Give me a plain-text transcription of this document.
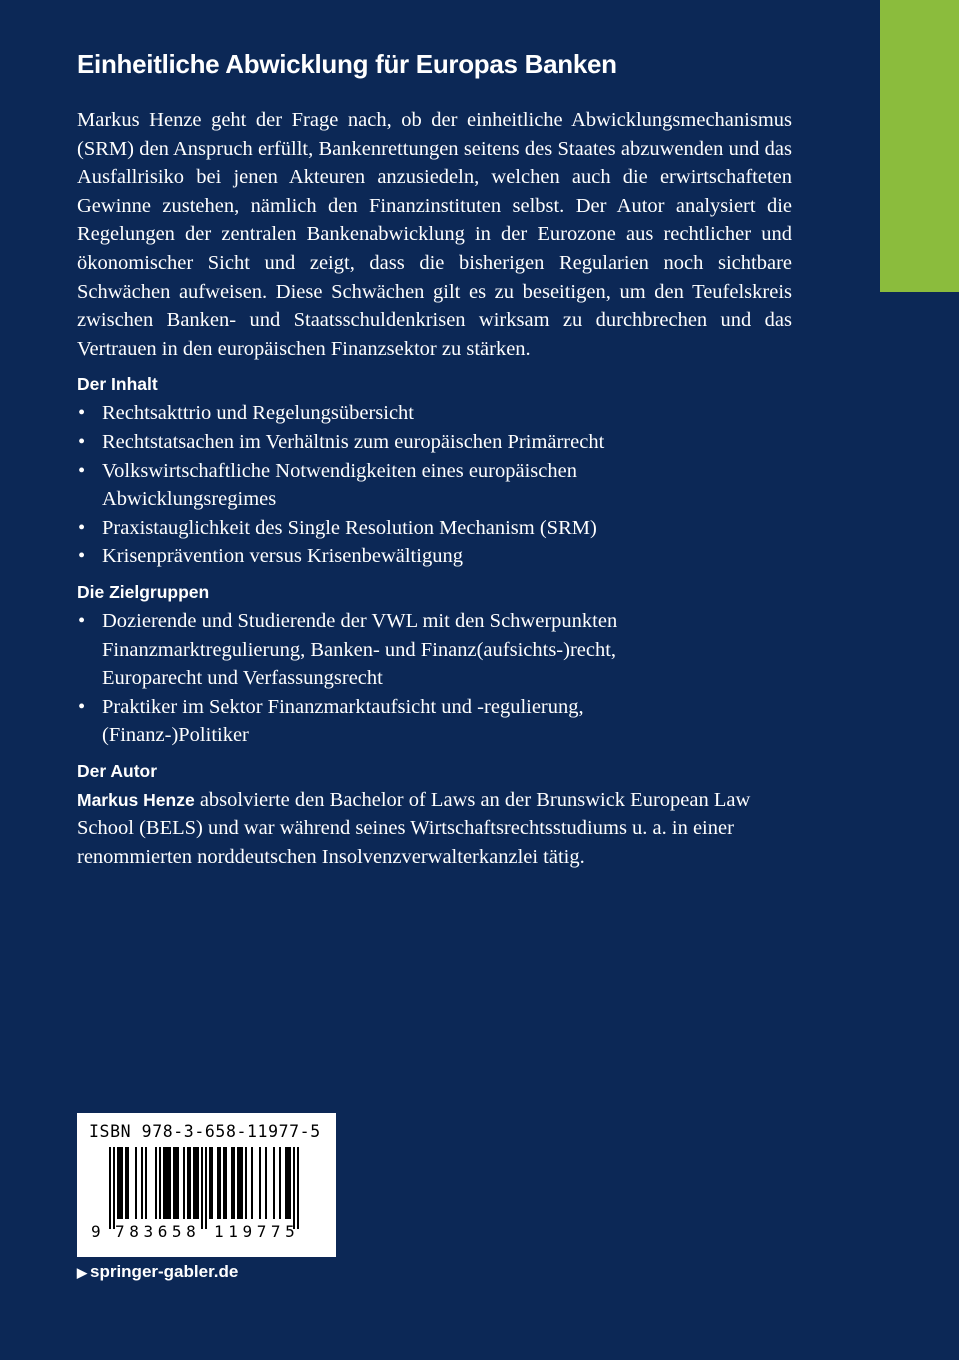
Einheitliche Abwicklung für Europas Banken

Markus Henze geht der Frage nach, ob der einheitliche Abwicklungsmechanismus (SRM) den Anspruch erfüllt, Bankenrettungen seitens des Staates abzuwenden und das Ausfallrisiko bei jenen Akteuren anzusiedeln, welchen auch die erwirtschafteten Gewinne zustehen, nämlich den Finanzinstituten selbst. Der Autor analysiert die Regelungen der zentralen Bankenabwicklung in der Eurozone aus rechtlicher und ökonomischer Sicht und zeigt, dass die bisherigen Regularien noch sichtbare Schwächen aufweisen. Diese Schwächen gilt es zu beseitigen, um den Teufelskreis zwischen Banken- und Staatsschuldenkrisen wirksam zu durchbrechen und das Vertrauen in den europäischen Finanzsektor zu stärken.

Der Inhalt
• Rechtsakttrio und Regelungsübersicht
• Rechtstatsachen im Verhältnis zum europäischen Primärrecht
• Volkswirtschaftliche Notwendigkeiten eines europäischen Abwicklungsregimes
• Praxistauglichkeit des Single Resolution Mechanism (SRM)
• Krisenprävention versus Krisenbewältigung
Die Zielgruppen
• Dozierende und Studierende der VWL mit den Schwerpunkten Finanzmarktregulierung, Banken- und Finanz(aufsichts-)recht, Europarecht und Verfassungsrecht
• Praktiker im Sektor Finanzmarktaufsicht und -regulierung, (Finanz-)Politiker
Der Autor

Markus Henze absolvierte den Bachelor of Laws an der Brunswick European Law School (BELS) und war während seines Wirtschaftsrechtsstudiums u. a. in einer renommierten norddeutschen Insolvenzverwalterkanzlei tätig.

ISBN 978-3-658-11977-5
9 783658 119775
▶ springer-gabler.de
